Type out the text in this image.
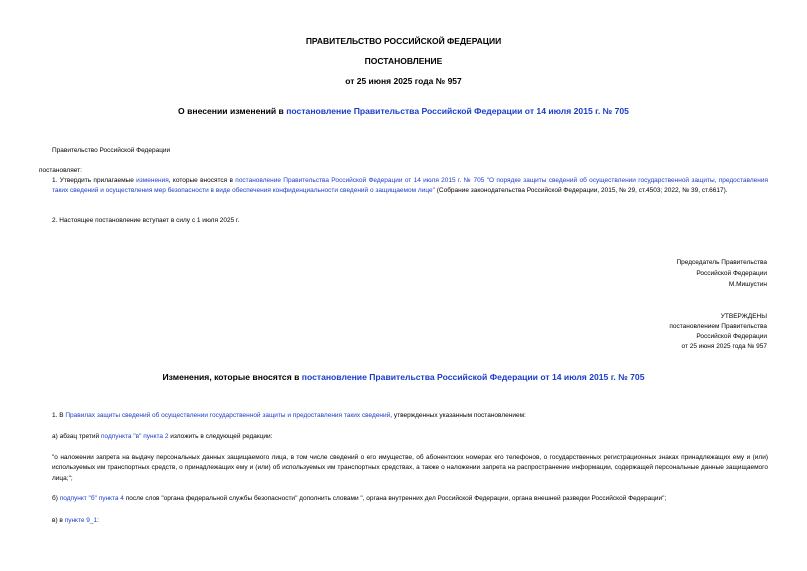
ПРАВИТЕЛЬСТВО РОССИЙСКОЙ ФЕДЕРАЦИИ
ПОСТАНОВЛЕНИЕ
от 25 июня 2025 года № 957
О внесении изменений в постановление Правительства Российской Федерации от 14 июля 2015 г. № 705
Правительство Российской Федерации
постановляет:
1. Утвердить прилагаемые изменения, которые вносятся в постановление Правительства Российской Федерации от 14 июля 2015 г. № 705 "О порядке защиты сведений об осуществлении государственной защиты, предоставления таких сведений и осуществления мер безопасности в виде обеспечения конфиденциальности сведений о защищаемом лице" (Собрание законодательства Российской Федерации, 2015, № 29, ст.4503; 2022, № 39, ст.6617).
2. Настоящее постановление вступает в силу с 1 июля 2025 г.
Председатель Правительства
Российской Федерации
М.Мишустин
УТВЕРЖДЕНЫ
постановлением Правительства
Российской Федерации
от 25 июня 2025 года № 957
Изменения, которые вносятся в постановление Правительства Российской Федерации от 14 июля 2015 г. № 705
1. В Правилах защиты сведений об осуществлении государственной защиты и предоставления таких сведений, утвержденных указанным постановлением:
а) абзац третий подпункта "в" пункта 2 изложить в следующей редакции:
"о наложении запрета на выдачу персональных данных защищаемого лица, в том числе сведений о его имуществе, об абонентских номерах его телефонов, о государственных регистрационных знаках принадлежащих ему и (или) используемых им транспортных средств, о принадлежащих ему и (или) об используемых им транспортных средствах, а также о наложении запрета на распространение информации, содержащей персональные данные защищаемого лица;";
б) подпункт "б" пункта 4 после слов "органа федеральной службы безопасности" дополнить словами ", органа внутренних дел Российской Федерации, органа внешней разведки Российской Федерации";
в) в пункте 9_1:
